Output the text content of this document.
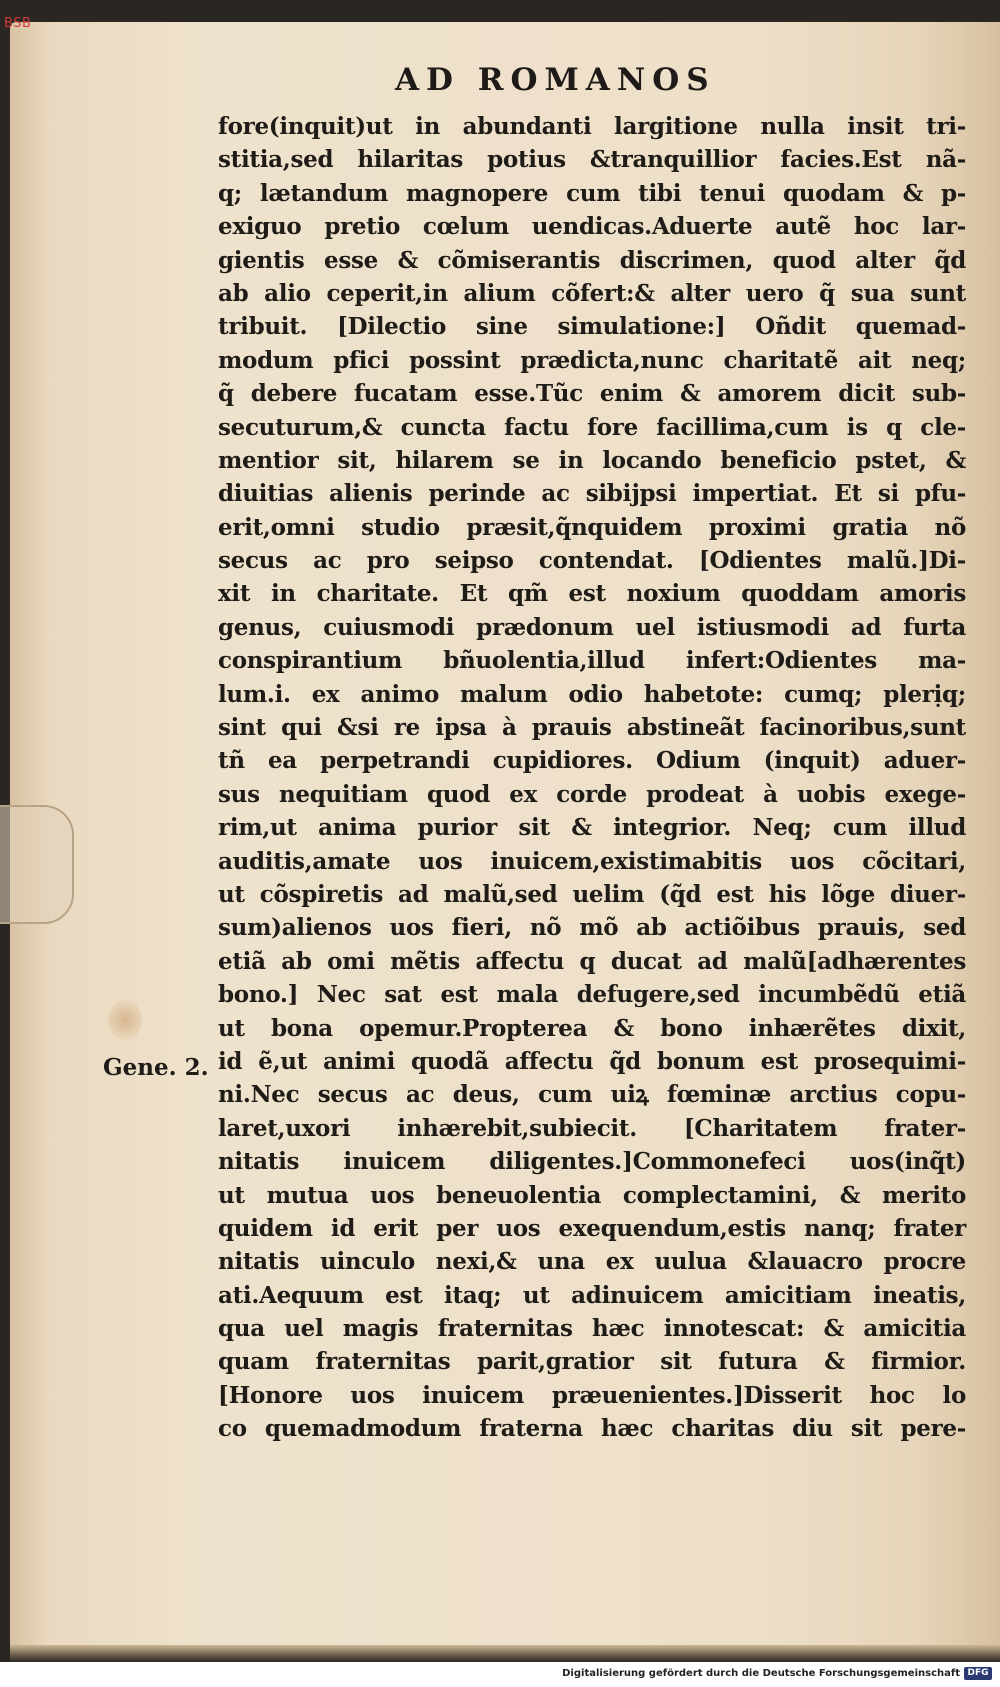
BSB
AD ROMANOS
fore(inquit)ut in abundanti largitione nulla insit tri-
stitia,sed hilaritas potius &tranquillior facies.Est nã-
q; lætandum magnopere cum tibi tenui quodam & p-
exiguo pretio cœlum uendicas.Aduerte autẽ hoc lar-
gientis esse & cõmiserantis discrimen, quod alter q̃d
ab alio ceperit,in alium cõfert:& alter uero q̃ sua sunt
tribuit. [Dilectio sine simulatione:] Oñdit quemad-
modum pfici possint prædicta,nunc charitatẽ ait neq;
q̃ debere fucatam esse.Tũc enim & amorem dicit sub-
secuturum,& cuncta factu fore facillima,cum is q cle-
mentior sit, hilarem se in locando beneficio pstet, &
diuitias alienis perinde ac sibĳpsi impertiat. Et si pfu-
erit,omni studio præsit,q̃nquidem proximi gratia nõ
secus ac pro seipso contendat. [Odientes malũ.]Di-
xit in charitate. Et qm̃ est noxium quoddam amoris
genus, cuiusmodi prædonum uel istiusmodi ad furta
conspirantium bñuolentia,illud infert:Odientes ma-
lum.i. ex animo malum odio habetote: cumq; plerịq;
sint qui &si re ipsa à prauis abstineãt facinoribus,sunt
tñ ea perpetrandi cupidiores. Odium (inquit) aduer-
sus nequitiam quod ex corde prodeat à uobis exege-
rim,ut anima purior sit & integrior. Neq; cum illud
auditis,amate uos inuicem,existimabitis uos cõcitari,
ut cõspiretis ad malũ,sed uelim (q̃d est his lõge diuer-
sum)alienos uos fieri, nõ mõ ab actiõibus prauis, sed
etiã ab omi mẽtis affectu q ducat ad malũ[adhærentes
bono.] Nec sat est mala defugere,sed incumbẽdũ etiã
ut bona opemur.Propterea & bono inhærẽtes dixit,
id ẽ,ut animi quodã affectu q̃d bonum est prosequimi-
ni.Nec secus ac deus, cum uiꝝ fœminæ arctius copu-
laret,uxori inhærebit,subiecit. [Charitatem frater-
nitatis inuicem diligentes.]Commonefeci uos(inq̃t)
ut mutua uos beneuolentia complectamini, & merito
quidem id erit per uos exequendum,estis nanq; frater
nitatis uinculo nexi,& una ex uulua &lauacro procre
ati.Aequum est itaq; ut adinuicem amicitiam ineatis,
qua uel magis fraternitas hæc innotescat: & amicitia
quam fraternitas parit,gratior sit futura & firmior.
[Honore uos inuicem præuenientes.]Disserit hoc lo
co quemadmodum fraterna hæc charitas diu sit pere-
Gene. 2.
Digitalisierung gefördert durch die Deutsche Forschungsgemeinschaft DFG
